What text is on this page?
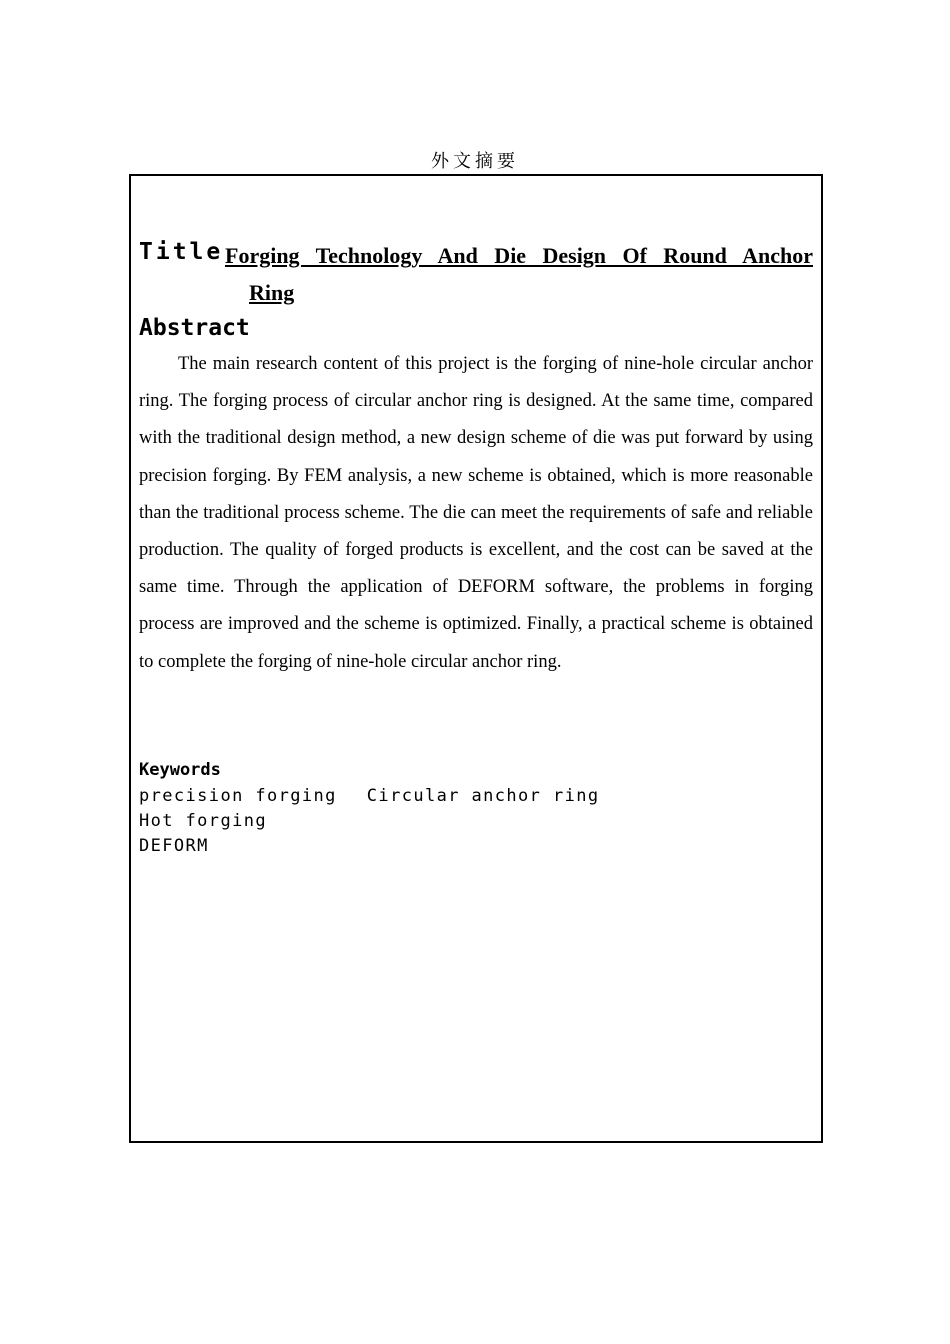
外文摘要
Title Forging Technology And Die Design Of Round Anchor
Ring
Abstract

The main research content of this project is the forging of nine-hole circular anchor ring. The forging process of circular anchor ring is designed. At the same time, compared with the traditional design method, a new design scheme of die was put forward by using precision forging. By FEM analysis, a new scheme is obtained, which is more reasonable than the traditional process scheme. The die can meet the requirements of safe and reliable production. The quality of forged products is excellent, and the cost can be saved at the same time. Through the application of DEFORM software, the problems in forging process are improved and the scheme is optimized. Finally, a practical scheme is obtained to complete the forging of nine-hole circular anchor ring.

Keywords
precision forging Circular anchor ringHot forging
DEFORM
